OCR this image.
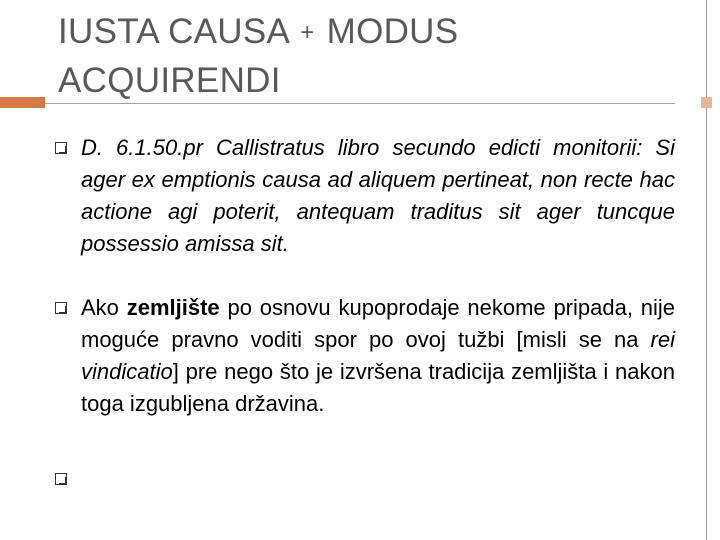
IUSTA CAUSA + MODUS ACQUIRENDI
D. 6.1.50.pr Callistratus libro secundo edicti monitorii: Si ager ex emptionis causa ad aliquem pertineat, non recte hac actione agi poterit, antequam traditus sit ager tuncque possessio amissa sit.
Ako zemljište po osnovu kupoprodaje nekome pripada, nije moguće pravno voditi spor po ovoj tužbi [misli se na rei vindicatio] pre nego što je izvršena tradicija zemljišta i nakon toga izgubljena državina.
